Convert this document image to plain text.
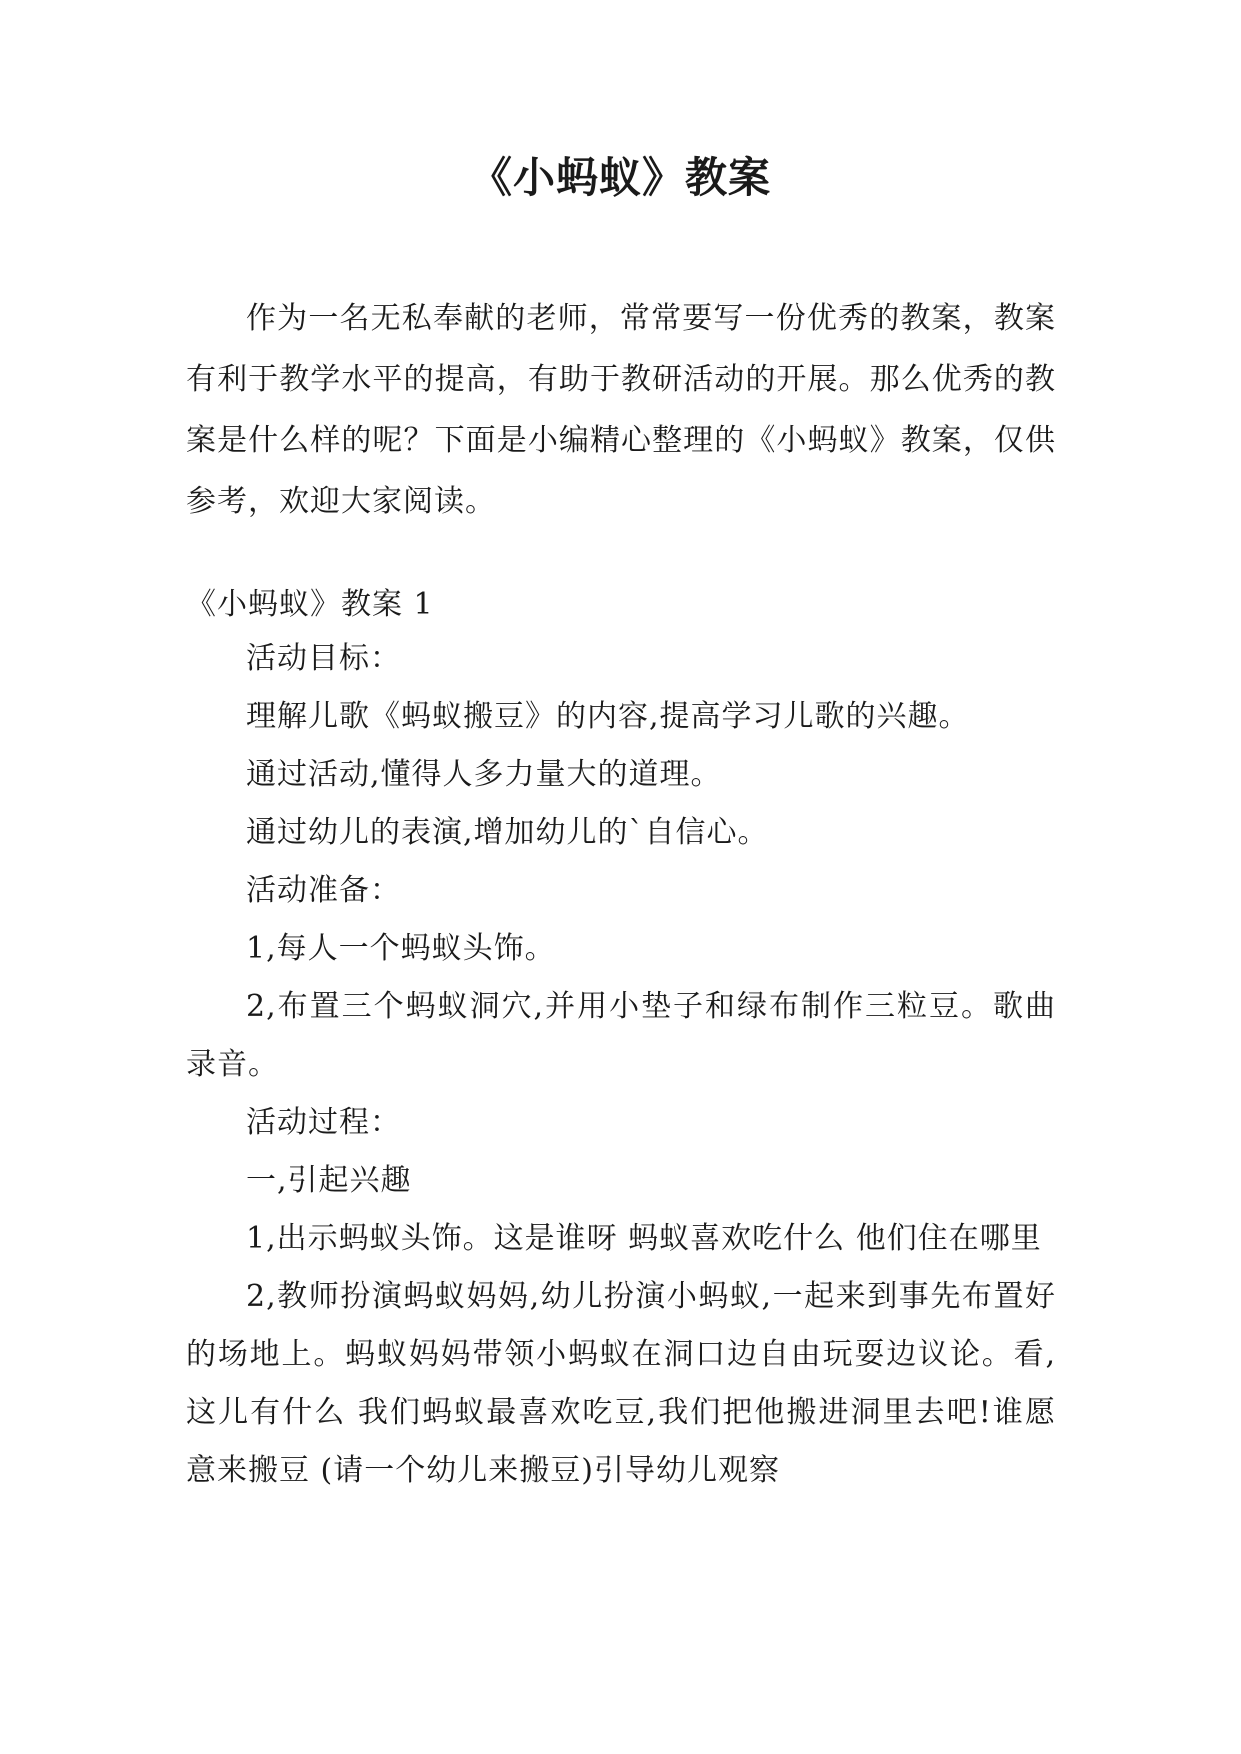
《小蚂蚁》教案

作为一名无私奉献的老师，常常要写一份优秀的教案，教案有利于教学水平的提高，有助于教研活动的开展。那么优秀的教案是什么样的呢？下面是小编精心整理的《小蚂蚁》教案，仅供参考，欢迎大家阅读。

《小蚂蚁》教案 1

活动目标：

理解儿歌《蚂蚁搬豆》的内容,提高学习儿歌的兴趣。

通过活动,懂得人多力量大的道理。

通过幼儿的表演,增加幼儿的`自信心。

活动准备：

1,每人一个蚂蚁头饰。

2,布置三个蚂蚁洞穴,并用小垫子和绿布制作三粒豆。歌曲录音。

活动过程：

一,引起兴趣

1,出示蚂蚁头饰。这是谁呀 蚂蚁喜欢吃什么 他们住在哪里

2,教师扮演蚂蚁妈妈,幼儿扮演小蚂蚁,一起来到事先布置好的场地上。蚂蚁妈妈带领小蚂蚁在洞口边自由玩耍边议论。看,这儿有什么 我们蚂蚁最喜欢吃豆,我们把他搬进洞里去吧!谁愿意来搬豆 (请一个幼儿来搬豆)引导幼儿观察
